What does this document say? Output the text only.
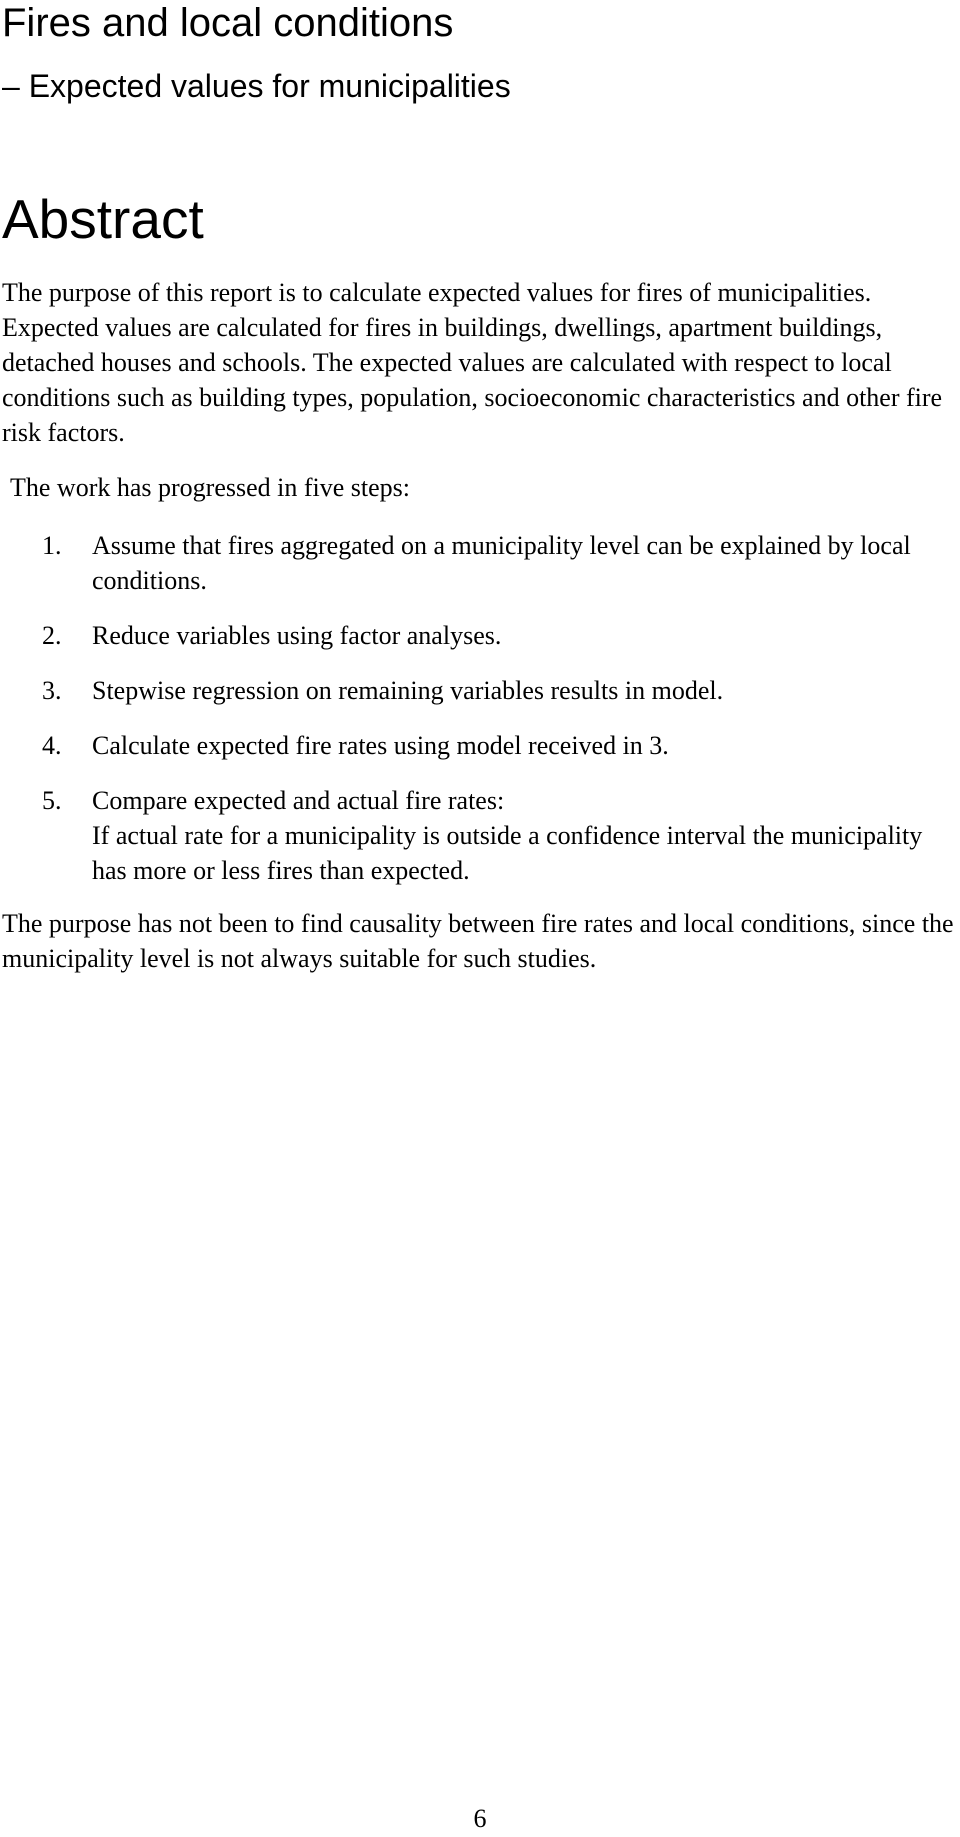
Fires and local conditions
– Expected values for municipalities
Abstract

The purpose of this report is to calculate expected values for fires of municipalities. Expected values are calculated for fires in buildings, dwellings, apartment buildings, detached houses and schools. The expected values are calculated with respect to local conditions such as building types, population, socioeconomic characteristics and other fire risk factors.

The work has progressed in five steps:

1. Assume that fires aggregated on a municipality level can be explained by local conditions.
2. Reduce variables using factor analyses.
3. Stepwise regression on remaining variables results in model.
4. Calculate expected fire rates using model received in 3.
5. Compare expected and actual fire rates:
If actual rate for a municipality is outside a confidence interval the municipality has more or less fires than expected.

The purpose has not been to find causality between fire rates and local conditions, since the municipality level is not always suitable for such studies.

6
